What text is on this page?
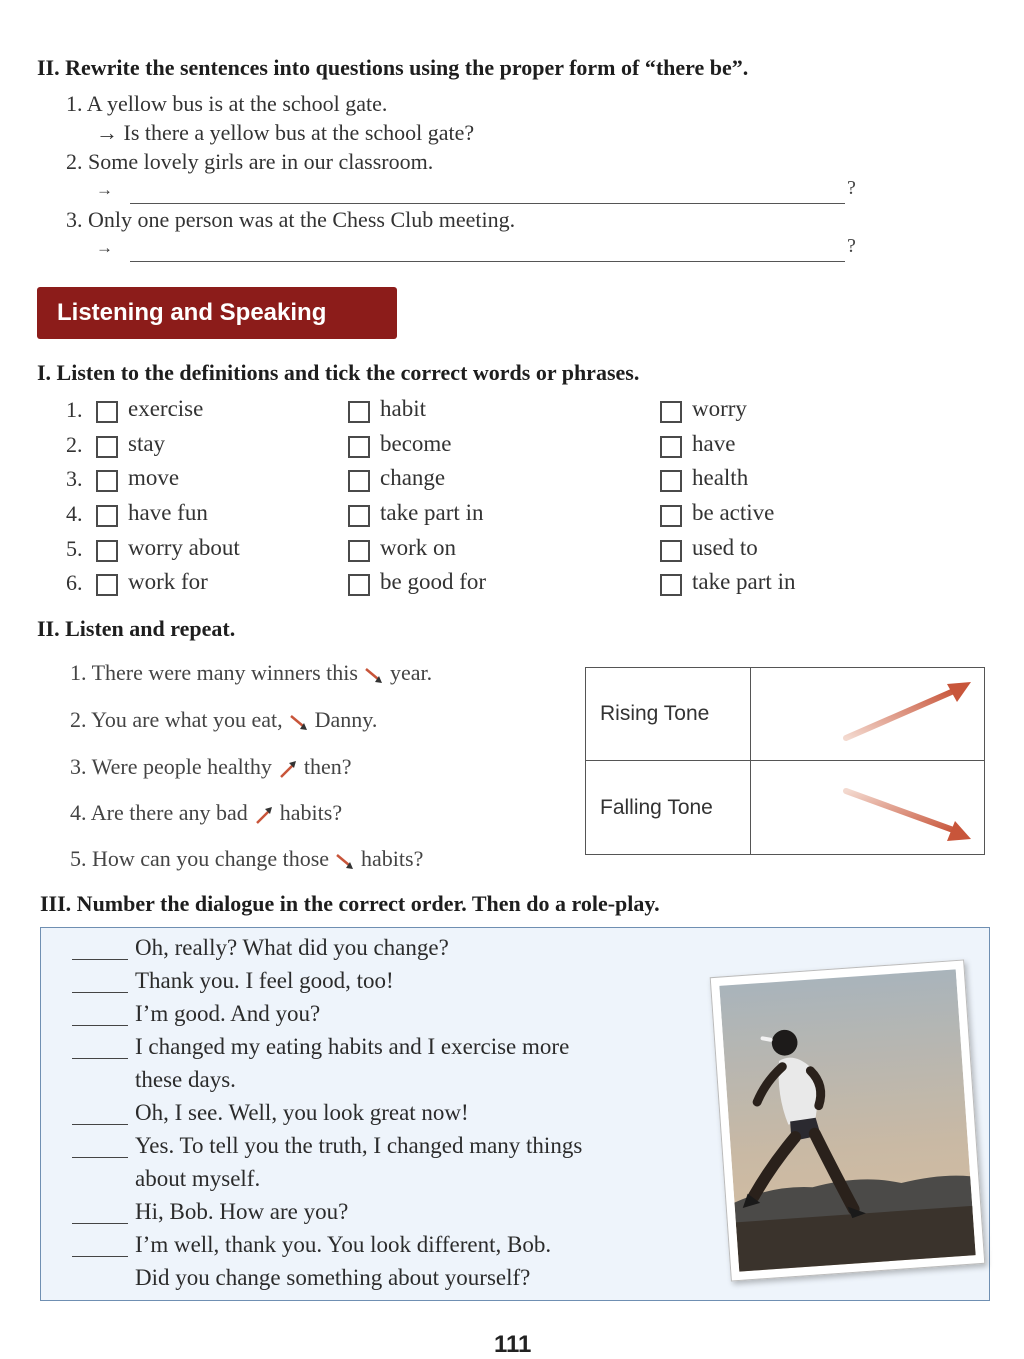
II. Rewrite the sentences into questions using the proper form of “there be”.
1. A yellow bus is at the school gate.
→ Is there a yellow bus at the school gate?
2. Some lovely girls are in our classroom.
→	?
3. Only one person was at the Chess Club meeting.
→	?
Listening and Speaking
I. Listen to the definitions and tick the correct words or phrases.
1. exercise	habit	worry
2. stay	become	have
3. move	change	health
4. have fun	take part in	be active
5. worry about	work on	used to
6. work for	be good for	take part in
II. Listen and repeat.
1. There were many winners this year.
2. You are what you eat, Danny.
3. Were people healthy then?
4. Are there any bad habits?
5. How can you change those habits?
Rising Tone
Falling Tone
III. Number the dialogue in the correct order. Then do a role-play.
Oh, really? What did you change?
Thank you. I feel good, too!
I’m good. And you?
I changed my eating habits and I exercise more
these days.
Oh, I see. Well, you look great now!
Yes. To tell you the truth, I changed many things
about myself.
Hi, Bob. How are you?
I’m well, thank you. You look different, Bob.
Did you change something about yourself?
111
